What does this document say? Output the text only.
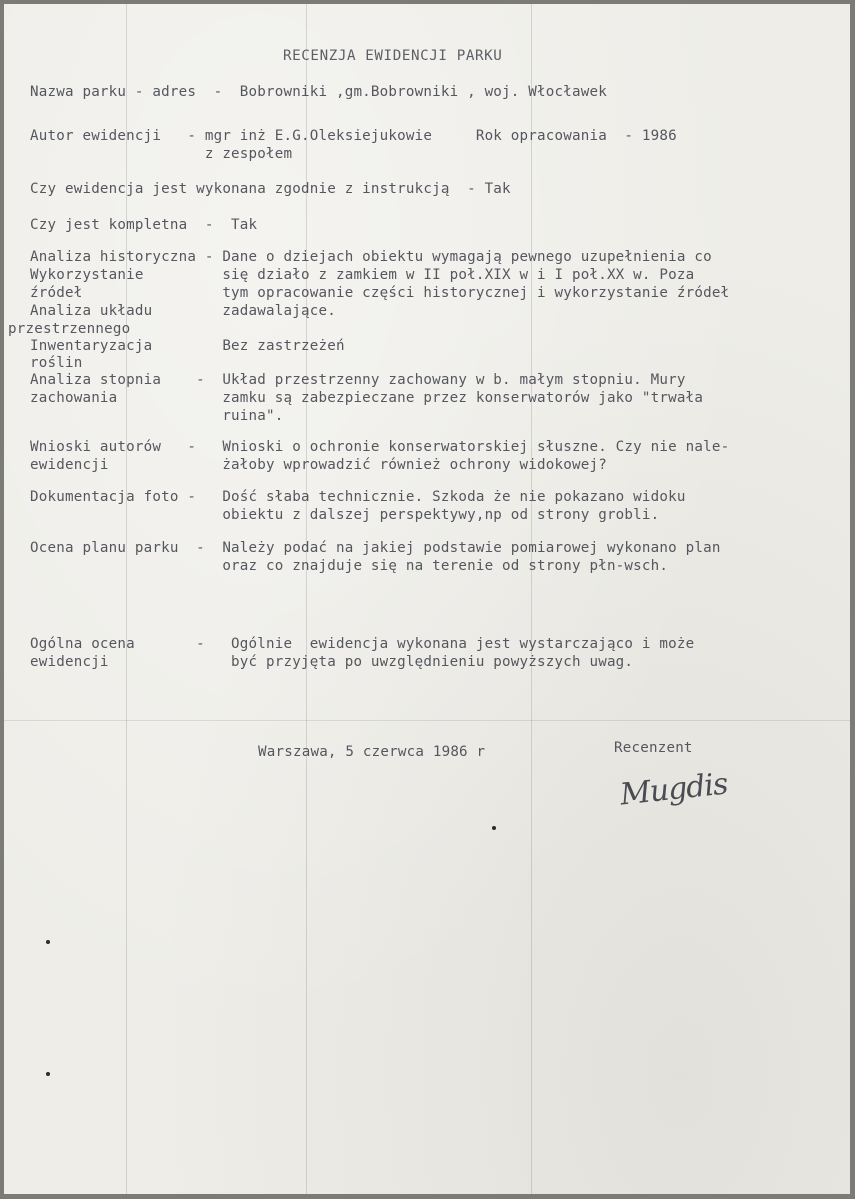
RECENZJA EWIDENCJI PARKU
Nazwa parku - adres  -  Bobrowniki ,gm.Bobrowniki , woj. Włocławek
Autor ewidencji   - mgr inż E.G.Oleksiejukowie     Rok opracowania  - 1986
z zespołem
Czy ewidencja jest wykonana zgodnie z instrukcją  - Tak
Czy jest kompletna  -  Tak
Analiza historyczna - Dane o dziejach obiektu wymagają pewnego uzupełnienia co
Wykorzystanie         się działo z zamkiem w II poł.XIX w i I poł.XX w. Poza
źródeł                tym opracowanie części historycznej i wykorzystanie źródeł
Analiza układu        zadawalające.
przestrzennego
Inwentaryzacja        Bez zastrzeżeń
roślin
Analiza stopnia    -  Układ przestrzenny zachowany w b. małym stopniu. Mury
zachowania            zamku są zabezpieczane przez konserwatorów jako "trwała
ruina".
Wnioski autorów   -   Wnioski o ochronie konserwatorskiej słuszne. Czy nie nale-
ewidencji             żałoby wprowadzić również ochrony widokowej?
Dokumentacja foto -   Dość słaba technicznie. Szkoda że nie pokazano widoku
obiektu z dalszej perspektywy,np od strony grobli.
Ocena planu parku  -  Należy podać na jakiej podstawie pomiarowej wykonano plan
oraz co znajduje się na terenie od strony płn-wsch.
Ogólna ocena       -   Ogólnie  ewidencja wykonana jest wystarczająco i może
ewidencji              być przyjęta po uwzględnieniu powyższych uwag.
Warszawa, 5 czerwca 1986 r	Recenzent
Mugdis
